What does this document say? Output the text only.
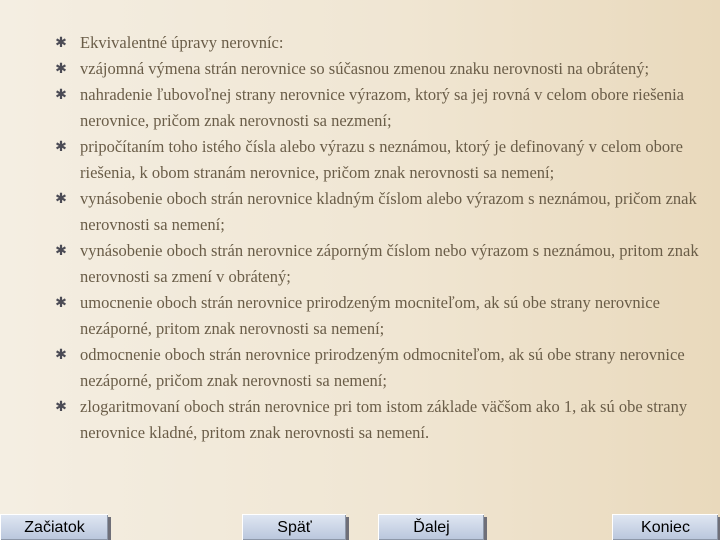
✱ Ekvivalentné úpravy nerovníc:
✱ vzájomná výmena strán nerovnice so súčasnou zmenou znaku nerovnosti na obrátený;
✱ nahradenie ľubovoľnej strany nerovnice výrazom, ktorý sa jej rovná v celom obore riešenia nerovnice, pričom znak nerovnosti sa nezmení;
✱ pripočítaním toho istého čísla alebo výrazu s neznámou, ktorý je definovaný v celom obore riešenia, k obom stranám nerovnice, pričom znak nerovnosti sa nemení;
✱ vynásobenie oboch strán nerovnice kladným číslom alebo výrazom s neznámou, pričom znak nerovnosti sa nemení;
✱ vynásobenie oboch strán nerovnice záporným číslom nebo výrazom s neznámou, pritom znak nerovnosti sa zmení v obrátený;
✱ umocnenie oboch strán nerovnice prirodzeným mocniteľom, ak sú obe strany nerovnice nezáporné, pritom znak nerovnosti sa nemení;
✱ odmocnenie oboch strán nerovnice prirodzeným odmocniteľom, ak sú obe strany nerovnice nezáporné, pričom znak nerovnosti sa nemení;
✱ zlogaritmovaní oboch strán nerovnice pri tom istom základe väčšom ako 1, ak sú obe strany nerovnice kladné, pritom znak nerovnosti sa nemení.
Začiatok	Späť	Ďalej	Koniec
